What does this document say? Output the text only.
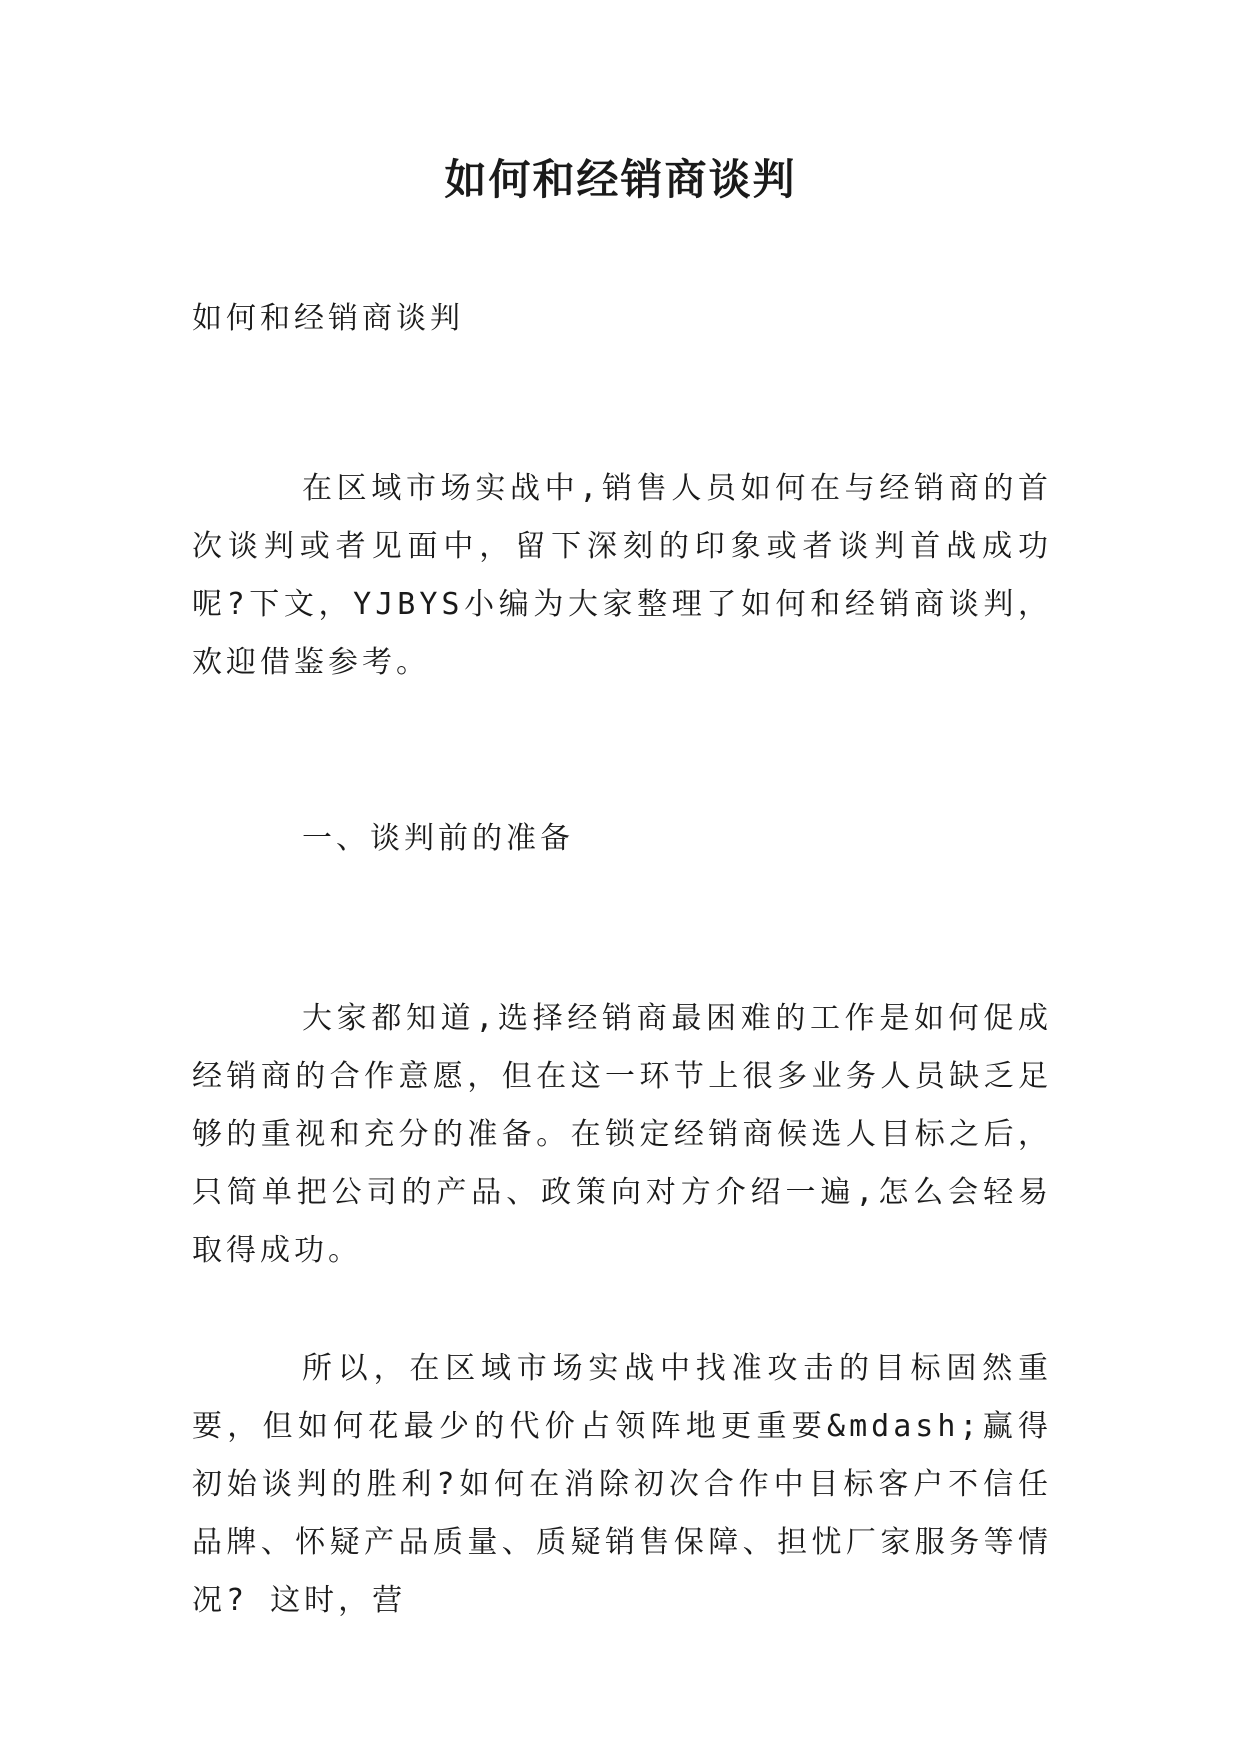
如何和经销商谈判

如何和经销商谈判

在区域市场实战中,销售人员如何在与经销商的首次谈判或者见面中，留下深刻的印象或者谈判首战成功呢?下文，YJBYS小编为大家整理了如何和经销商谈判，欢迎借鉴参考。

一、谈判前的准备

大家都知道,选择经销商最困难的工作是如何促成经销商的合作意愿，但在这一环节上很多业务人员缺乏足够的重视和充分的准备。在锁定经销商候选人目标之后，只简单把公司的产品、政策向对方介绍一遍,怎么会轻易取得成功。

所以，在区域市场实战中找准攻击的目标固然重要，但如何花最少的代价占领阵地更重要&mdash;赢得初始谈判的胜利?如何在消除初次合作中目标客户不信任品牌、怀疑产品质量、质疑销售保障、担忧厂家服务等情况? 这时，营
